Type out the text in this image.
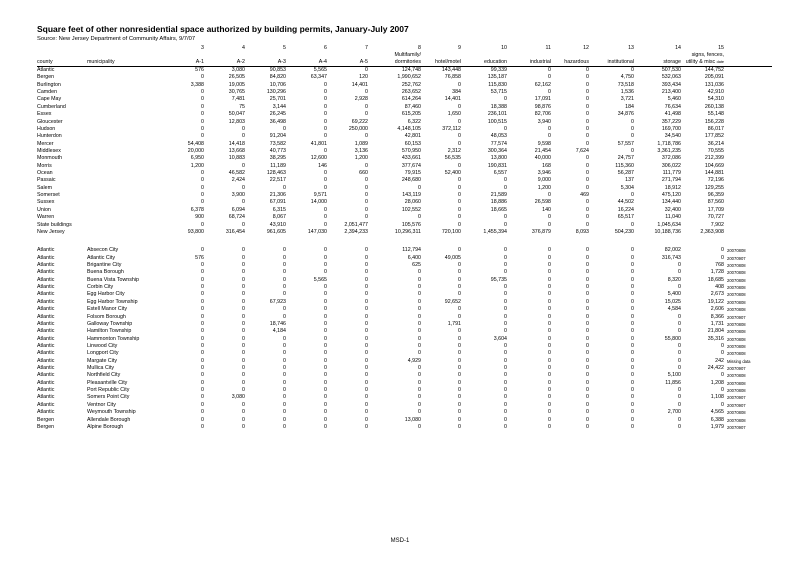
Square feet of other nonresidential space authorized by building permits, January-July 2007
Source: New Jersey Department of Community Affairs, 9/7/07
		3	4	5	6	7	8	9	10	11	12	13	14	15	
							Multifamily/							signs, fences,	
county	municipality	A-1	A-2	A-3	A-4	A-5	dormitories	hotel/motel	education	industrial	hazardous	institutional	storage	utility & misc date	
Atlantic		576	3,080	90,853	5,565	0	124,748	143,448	99,339	0	0	0	507,530	144,752	
Bergen		0	26,505	84,820	63,347	120	1,990,652	76,858	135,187	0	0	4,750	532,063	205,091	
Burlington		3,388	19,005	10,706	0	14,401	252,762	0	115,830	62,162	0	73,518	393,434	131,036	
Camden		0	30,765	130,296	0	0	263,652	384	53,715	0	0	1,536	213,400	42,910	
Cape May		0	7,481	25,701	0	2,928	614,264	14,401	0	17,091	0	3,721	5,460	54,310	
Cumberland		0	75	3,144	0	0	87,460	0	18,388	98,876	0	184	76,634	260,138	
Essex		0	50,047	26,245	0	0	615,205	1,650	236,101	82,706	0	34,876	41,498	55,148	
Gloucester		0	12,803	36,498	0	69,222	6,322	0	100,515	3,940	0	0	357,229	156,228	
Hudson		0	0	0	0	250,000	4,148,105	372,112	0	0	0	0	169,700	86,017	
Hunterdon		0	0	91,204	0	0	42,801	0	48,053	0	0	0	34,540	177,852	
Mercer		54,408	14,418	73,582	41,801	1,089	60,153	0	77,574	9,598	0	57,557	1,718,786	36,214	
Middlesex		20,000	13,668	40,773	0	3,136	570,950	2,312	300,364	21,454	7,624	0	3,361,235	70,555	
Monmouth		6,950	10,883	38,295	12,600	1,200	433,661	56,535	13,800	40,000	0	24,757	372,086	212,399	
Morris		1,200	0	11,189	146	0	377,674	0	190,831	168	0	115,360	306,022	104,669	
Ocean		0	46,582	128,463	0	660	79,915	52,400	6,557	3,946	0	56,287	111,779	144,881	
Passaic		0	2,424	22,517	0	0	248,680	0	0	9,000	0	137	271,794	72,196	
Salem		0	0	0	0	0	0	0	0	1,200	0	5,304	18,912	129,255	
Somerset		0	3,900	21,306	9,571	0	143,119	0	21,589	0	469	0	475,120	96,359	
Sussex		0	0	67,091	14,000	0	28,060	0	18,886	26,598	0	44,502	134,440	87,560	
Union		6,378	6,094	6,315	0	0	102,552	0	18,665	140	0	16,224	32,400	17,709	
Warren		900	68,724	8,067	0	0	0	0	0	0	0	65,517	11,040	70,727	
State buildings		0	0	43,910	0	2,051,477	105,576	0	0	0	0	0	1,045,634	7,902	
New Jersey		93,800	316,454	961,605	147,030	2,394,233	10,296,311	720,100	1,455,394	376,879	8,093	504,230	10,188,736	2,363,908	

Atlantic	Absecon City	0	0	0	0	0	112,794	0	0	0	0	0	82,002	0	20070808
Atlantic	Atlantic City	576	0	0	0	0	6,400	49,005	0	0	0	0	316,743	0	20070907
Atlantic	Brigantine City	0	0	0	0	0	625	0	0	0	0	0	0	768	20070808
Atlantic	Buena Borough	0	0	0	0	0	0	0	0	0	0	0	0	1,728	20070808
Atlantic	Buena Vista Township	0	0	0	5,565	0	0	0	95,735	0	0	0	8,320	18,685	20070808
Atlantic	Corbin City	0	0	0	0	0	0	0	0	0	0	0	0	408	20070808
Atlantic	Egg Harbor City	0	0	0	0	0	0	0	0	0	0	0	5,400	2,673	20070808
Atlantic	Egg Harbor Township	0	0	67,923	0	0	0	92,652	0	0	0	0	15,025	19,122	20070808
Atlantic	Estell Manor City	0	0	0	0	0	0	0	0	0	0	0	4,584	2,606	20070808
Atlantic	Folsom Borough	0	0	0	0	0	0	0	0	0	0	0	0	8,366	20070907
Atlantic	Galloway Township	0	0	18,746	0	0	0	1,791	0	0	0	0	0	1,731	20070808
Atlantic	Hamilton Township	0	0	4,184	0	0	0	0	0	0	0	0	0	21,804	20070808
Atlantic	Hammonton Township	0	0	0	0	0	0	0	3,604	0	0	0	55,800	35,316	20070808
Atlantic	Linwood City	0	0	0	0	0	0	0	0	0	0	0	0	0	20070808
Atlantic	Longport City	0	0	0	0	0	0	0	0	0	0	0	0	0	20070808
Atlantic	Margate City	0	0	0	0	0	4,929	0	0	0	0	0	0	242	Missing data
Atlantic	Mullica City	0	0	0	0	0	0	0	0	0	0	0	0	24,422	20070907
Atlantic	Northfield City	0	0	0	0	0	0	0	0	0	0	0	5,100	0	20070808
Atlantic	Pleasantville City	0	0	0	0	0	0	0	0	0	0	0	11,856	1,208	20070808
Atlantic	Port Republic City	0	0	0	0	0	0	0	0	0	0	0	0	0	20070808
Atlantic	Somers Point City	0	3,080	0	0	0	0	0	0	0	0	0	0	1,108	20070907
Atlantic	Ventnor City	0	0	0	0	0	0	0	0	0	0	0	0	0	20070907
Atlantic	Weymouth Township	0	0	0	0	0	0	0	0	0	0	0	2,700	4,565	20070808
Bergen	Allendale Borough	0	0	0	0	0	13,080	0	0	0	0	0	0	6,388	20070808
Bergen	Alpine Borough	0	0	0	0	0	0	0	0	0	0	0	0	1,979	20070907
MSD-1
